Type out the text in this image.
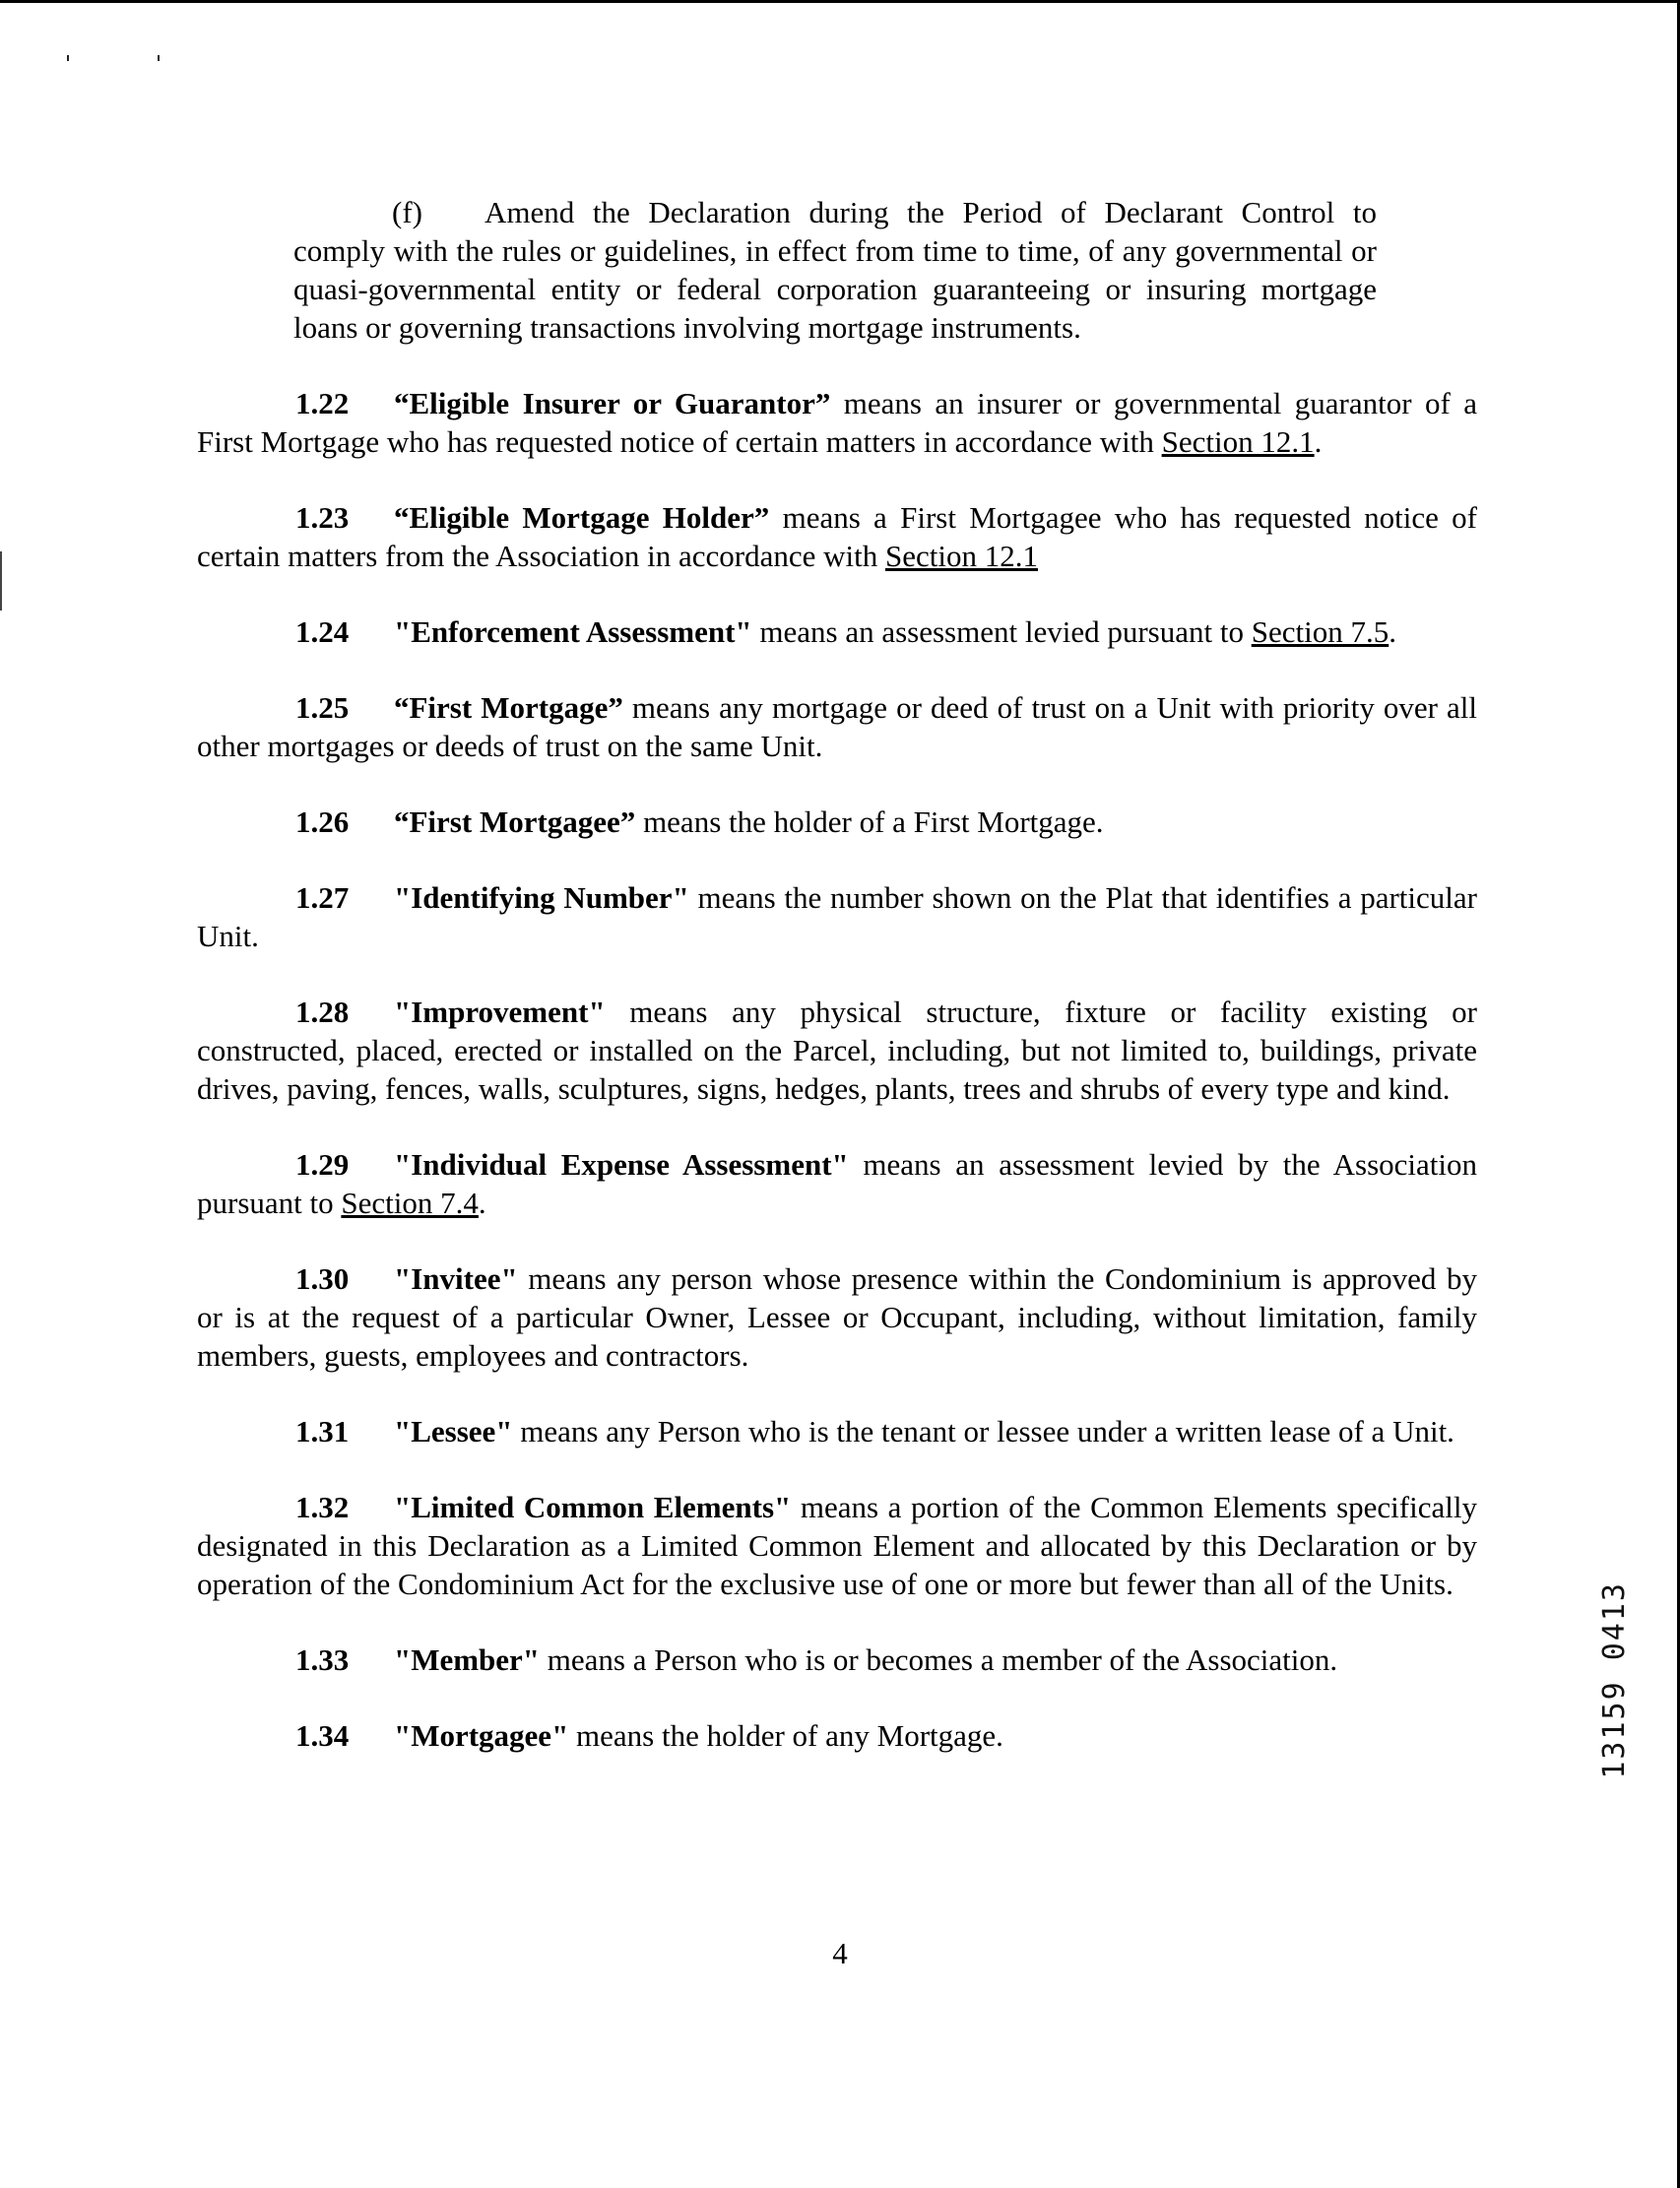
(f) Amend the Declaration during the Period of Declarant Control to comply with the rules or guidelines, in effect from time to time, of any governmental or quasi-governmental entity or federal corporation guaranteeing or insuring mortgage loans or governing transactions involving mortgage instruments.
1.22 “Eligible Insurer or Guarantor” means an insurer or governmental guarantor of a First Mortgage who has requested notice of certain matters in accordance with Section 12.1.
1.23 “Eligible Mortgage Holder” means a First Mortgagee who has requested notice of certain matters from the Association in accordance with Section 12.1
1.24 "Enforcement Assessment" means an assessment levied pursuant to Section 7.5.
1.25 “First Mortgage” means any mortgage or deed of trust on a Unit with priority over all other mortgages or deeds of trust on the same Unit.
1.26 “First Mortgagee” means the holder of a First Mortgage.
1.27 "Identifying Number" means the number shown on the Plat that identifies a particular Unit.
1.28 "Improvement" means any physical structure, fixture or facility existing or constructed, placed, erected or installed on the Parcel, including, but not limited to, buildings, private drives, paving, fences, walls, sculptures, signs, hedges, plants, trees and shrubs of every type and kind.
1.29 "Individual Expense Assessment" means an assessment levied by the Association pursuant to Section 7.4.
1.30 "Invitee" means any person whose presence within the Condominium is approved by or is at the request of a particular Owner, Lessee or Occupant, including, without limitation, family members, guests, employees and contractors.
1.31 "Lessee" means any Person who is the tenant or lessee under a written lease of a Unit.
1.32 "Limited Common Elements" means a portion of the Common Elements specifically designated in this Declaration as a Limited Common Element and allocated by this Declaration or by operation of the Condominium Act for the exclusive use of one or more but fewer than all of the Units.
1.33 "Member" means a Person who is or becomes a member of the Association.
1.34 "Mortgagee" means the holder of any Mortgage.
4
13159 0413
